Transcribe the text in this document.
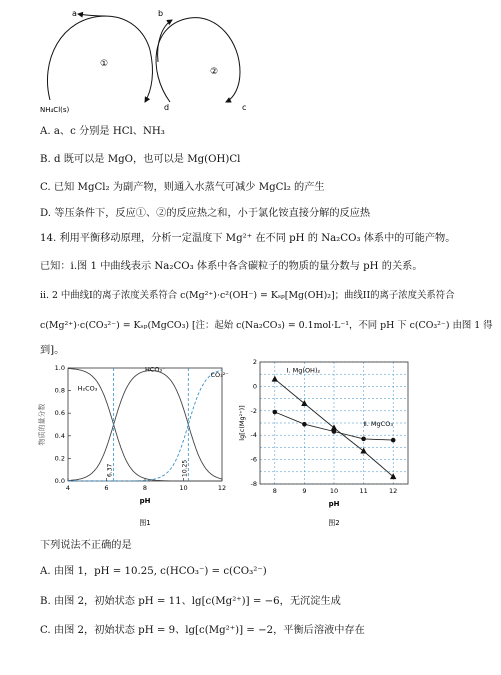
a	b
①
②
NH₄Cl(s)	d	c
A. a、c 分别是 HCl、NH₃
B. d 既可以是 MgO，也可以是 Mg(OH)Cl
C. 已知 MgCl₂ 为副产物，则通入水蒸气可减少 MgCl₂ 的产生
D. 等压条件下，反应①、②的反应热之和，小于氯化铵直接分解的反应热
14. 利用平衡移动原理，分析一定温度下 Mg²⁺ 在不同 pH 的 Na₂CO₃ 体系中的可能产物。
已知：i.图 1 中曲线表示 Na₂CO₃ 体系中各含碳粒子的物质的量分数与 pH 的关系。
ii. 2 中曲线I的离子浓度关系符合 c(Mg²⁺)·c²(OH⁻) = Kₛₚ[Mg(OH)₂]；曲线II的离子浓度关系符合
c(Mg²⁺)·c(CO₃²⁻) = Kₛₚ(MgCO₃) [注：起始 c(Na₂CO₃) = 0.1mol·L⁻¹，不同 pH 下 c(CO₃²⁻) 由图 1 得
到]。
4	6	8	10	12
0.0
0.2
0.4
0.6
0.8
1.0
pH
物质的量分数
6.37	10.25
H₂CO₃
HCO₃⁻
CO₃²⁻
图1
8	9	10	11	12
2
0
-2
-4
-6
-8
pH
lg[c(Mg²⁺)]
Ⅰ. Mg(OH)₂
Ⅱ. MgCO₃
图2
下列说法不正确的是
A. 由图 1，pH = 10.25, c(HCO₃⁻) = c(CO₃²⁻)
B. 由图 2，初始状态 pH = 11、lg[c(Mg²⁺)] = −6，无沉淀生成
C. 由图 2，初始状态 pH = 9、lg[c(Mg²⁺)] = −2，平衡后溶液中存在
